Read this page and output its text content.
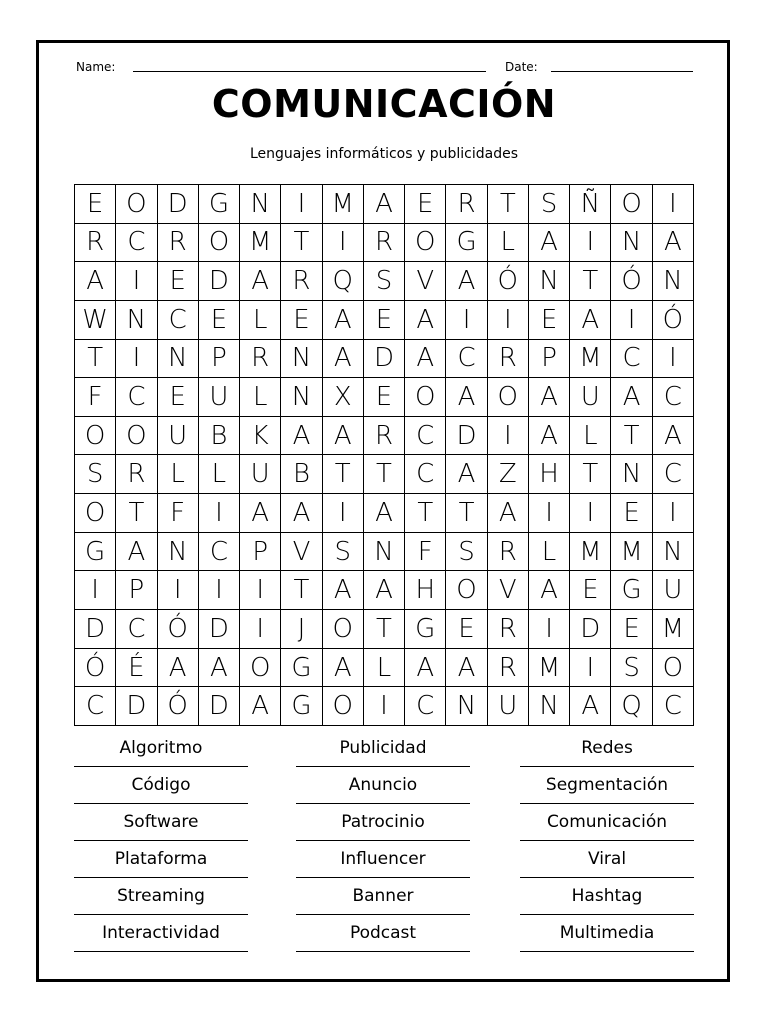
Name:	Date:
COMUNICACIÓN
Lenguajes informáticos y publicidades
E O D G N	I	M A E R T S Ñ O	I
R C R O M T	I	R O G L A	I	N A
A	I	E D A R Q S V A Ó N T Ó N
W N C E L E A E A	I	I	E A	I	Ó
T	I	N P R N A D A C R P M C	I
F C E U L N X E O A O A U A C
O O U B K A A R C D	I	A L	T A
S R L	L U B T T C A Z H T N C
O T F	I	A A	I	A T T A	I	I	E	I
G A N C P V S N F S R L M M N
I	P	I	I	I	T A A H O V A E G U
D C Ó D	I	J	O T G E R	I	D E M
Ó É A A O G A L A A R M	I	S O
C D Ó D A G O	I	C N U N A Q C
Algoritmo
Código
Software
Plataforma
Streaming
Interactividad
Publicidad
Anuncio
Patrocinio
Influencer
Banner
Podcast
Redes
Segmentación
Comunicación
Viral
Hashtag
Multimedia
